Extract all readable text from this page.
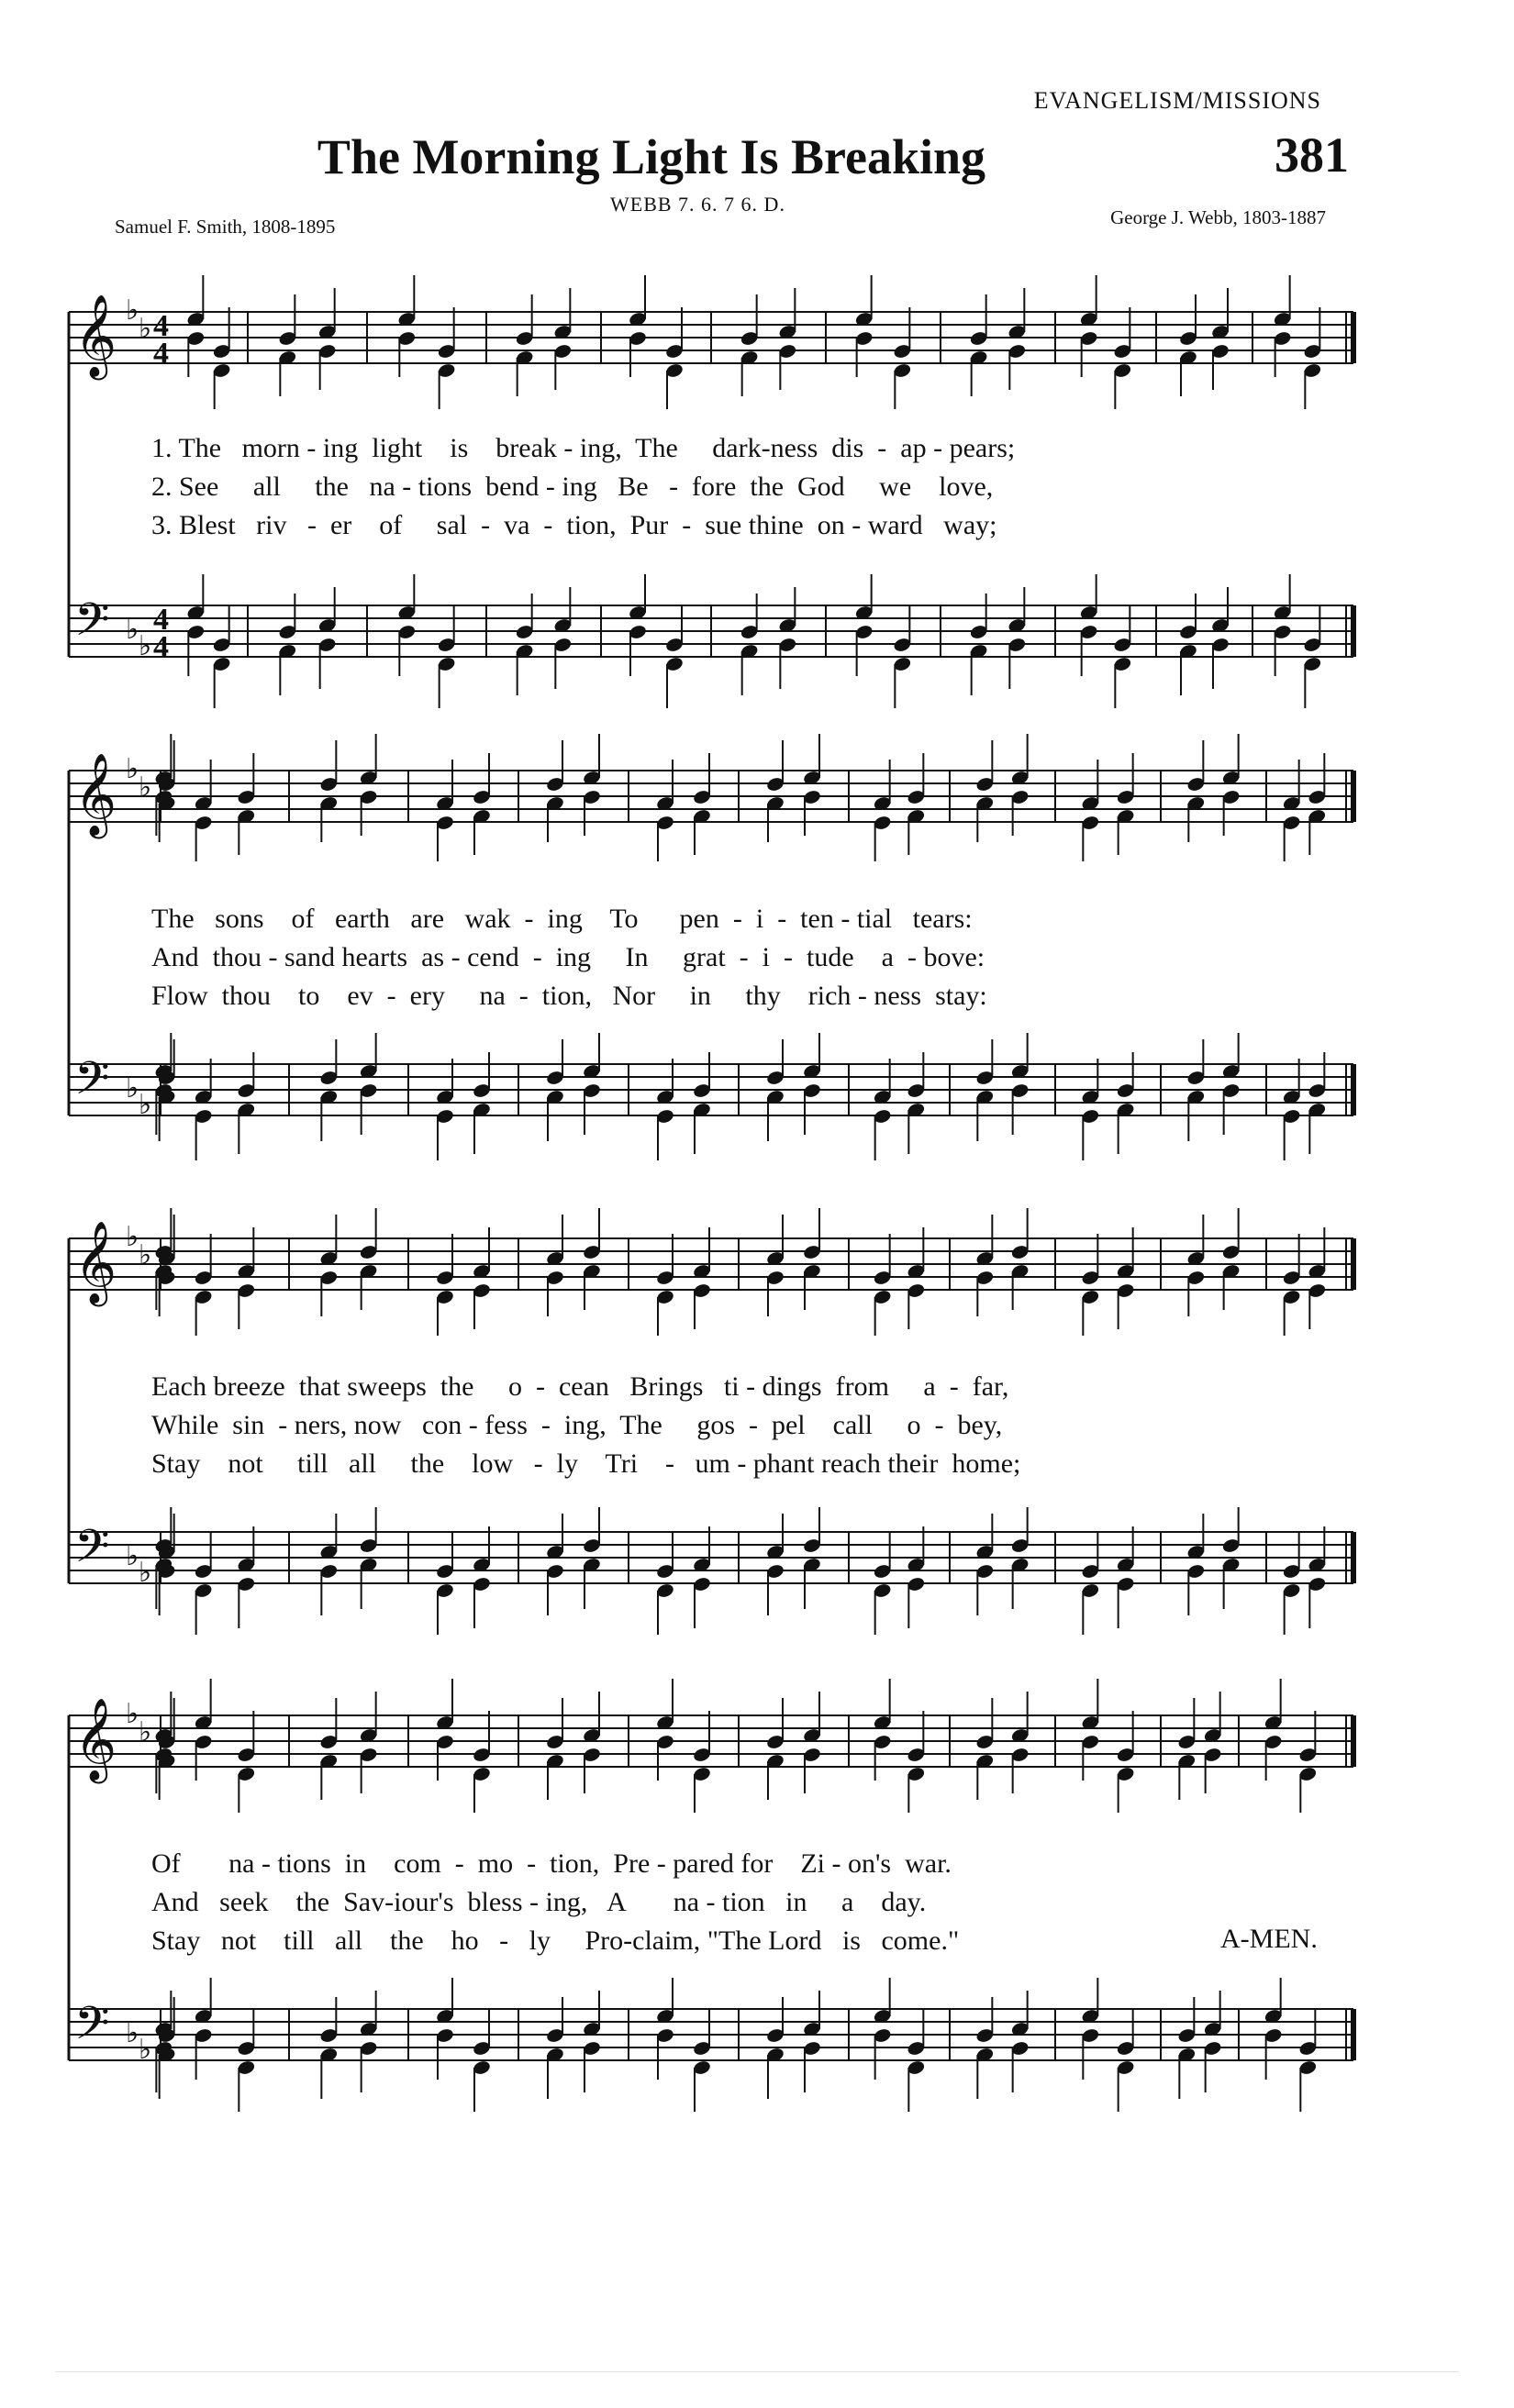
EVANGELISM/MISSIONS
The Morning Light Is Breaking	381
WEBB 7. 6. 7 6. D.
Samuel F. Smith, 1808-1895	George J. Webb, 1803-1887
𝄞 ♭
♭ 4
4
𝄢 ♭
♭
4
4
1. The   morn - ing  light    is    break - ing,  The     dark-ness  dis  -  ap - pears;
2. See     all     the   na - tions  bend - ing   Be   -  fore  the  God     we    love,
3. Blest   riv   -  er    of     sal  -  va  -  tion,  Pur  -  sue thine  on - ward   way;
𝄞 ♭
♭
𝄢 ♭
♭
The   sons    of   earth   are   wak  -  ing    To      pen  -  i  -  ten - tial   tears:
And  thou - sand hearts  as - cend  -  ing     In     grat  -  i  -  tude    a  - bove:
Flow  thou    to    ev  -  ery     na  -  tion,   Nor     in     thy    rich - ness  stay:
𝄞 ♭
♭
𝄢 ♭
♭
Each breeze  that sweeps  the     o  -  cean   Brings   ti - dings  from     a  -  far,
While  sin  - ners, now   con - fess  -  ing,  The     gos  -  pel    call     o  -  bey,
Stay    not     till   all     the    low   -  ly    Tri    -   um - phant reach their  home;
𝄞 ♭
♭
𝄢 ♭
♭
Of       na - tions  in    com  -  mo  -  tion,  Pre - pared for    Zi - on's  war.
And   seek    the  Sav-iour's  bless - ing,   A       na - tion   in     a    day.
Stay   not    till   all    the    ho   -   ly     Pro-claim, "The Lord   is   come."	A-MEN.
